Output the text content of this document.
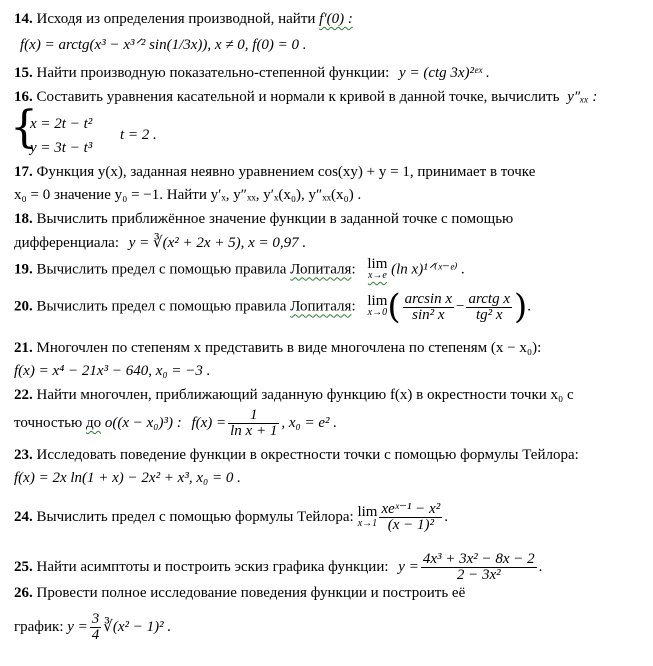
14. Исходя из определения производной, найти f′(0) :
f(x) = arctg(x³ − x³ᐟ² sin(1/3x)), x ≠ 0, f(0) = 0 .
15. Найти производную показательно-степенной функции: y = (ctg 3x)²ᵉˣ .
16. Составить уравнения касательной и нормали к кривой в данной точке, вычислить y″ₓₓ :
{
x = 2t − t²
t = 2 .
y = 3t − t³
17. Функция y(x), заданная неявно уравнением cos(xy) + y = 1, принимает в точке
x₀ = 0 значение y₀ = −1. Найти y′ₓ, y″ₓₓ, y′ₓ(x₀), y″ₓₓ(x₀) .
18. Вычислить приближённое значение функции в заданной точке с помощью
дифференциала: y = ∛(x² + 2x + 5), x = 0,97 .
19. Вычислить предел с помощью правила Лопиталя: lim
x→e (ln x)¹ᐟ⁽ˣ⁻ᵉ⁾ .
20. Вычислить предел с помощью правила Лопиталя: lim
x→0 ( $\frac{\text{arcsin x}}{\text{sin² x}} - \frac{\text{arctg x}}{\text{tg² x}}$ ).
21. Многочлен по степеням x представить в виде многочлена по степеням (x − x₀):
f(x) = x⁴ − 21x³ − 640, x₀ = −3 .
22. Найти многочлен, приближающий заданную функцию f(x) в окрестности точки x₀ с
точностью до o((x − x₀)³) : $f(x) = \frac{1}{\text{ln x + 1}}$ , x₀ = e² .
23. Исследовать поведение функции в окрестности точки с помощью формулы Тейлора:
f(x) = 2x ln(1 + x) − 2x² + x³, x₀ = 0 .
24. Вычислить предел с помощью формулы Тейлора: lim
$x\to 1 \frac{\text{xeˣ⁻¹ − x²}}{\text{(x − 1)²}}$ .
25. Найти асимптоты и построить эскиз графика функции: $y = \frac{\text{4x³ + 3x² − 8x − 2}}{\text{2 − 3x²}}$ .
26. Провести полное исследование поведения функции и построить её
график: $y = \frac{3}{4}$ ∛(x² − 1)² .
